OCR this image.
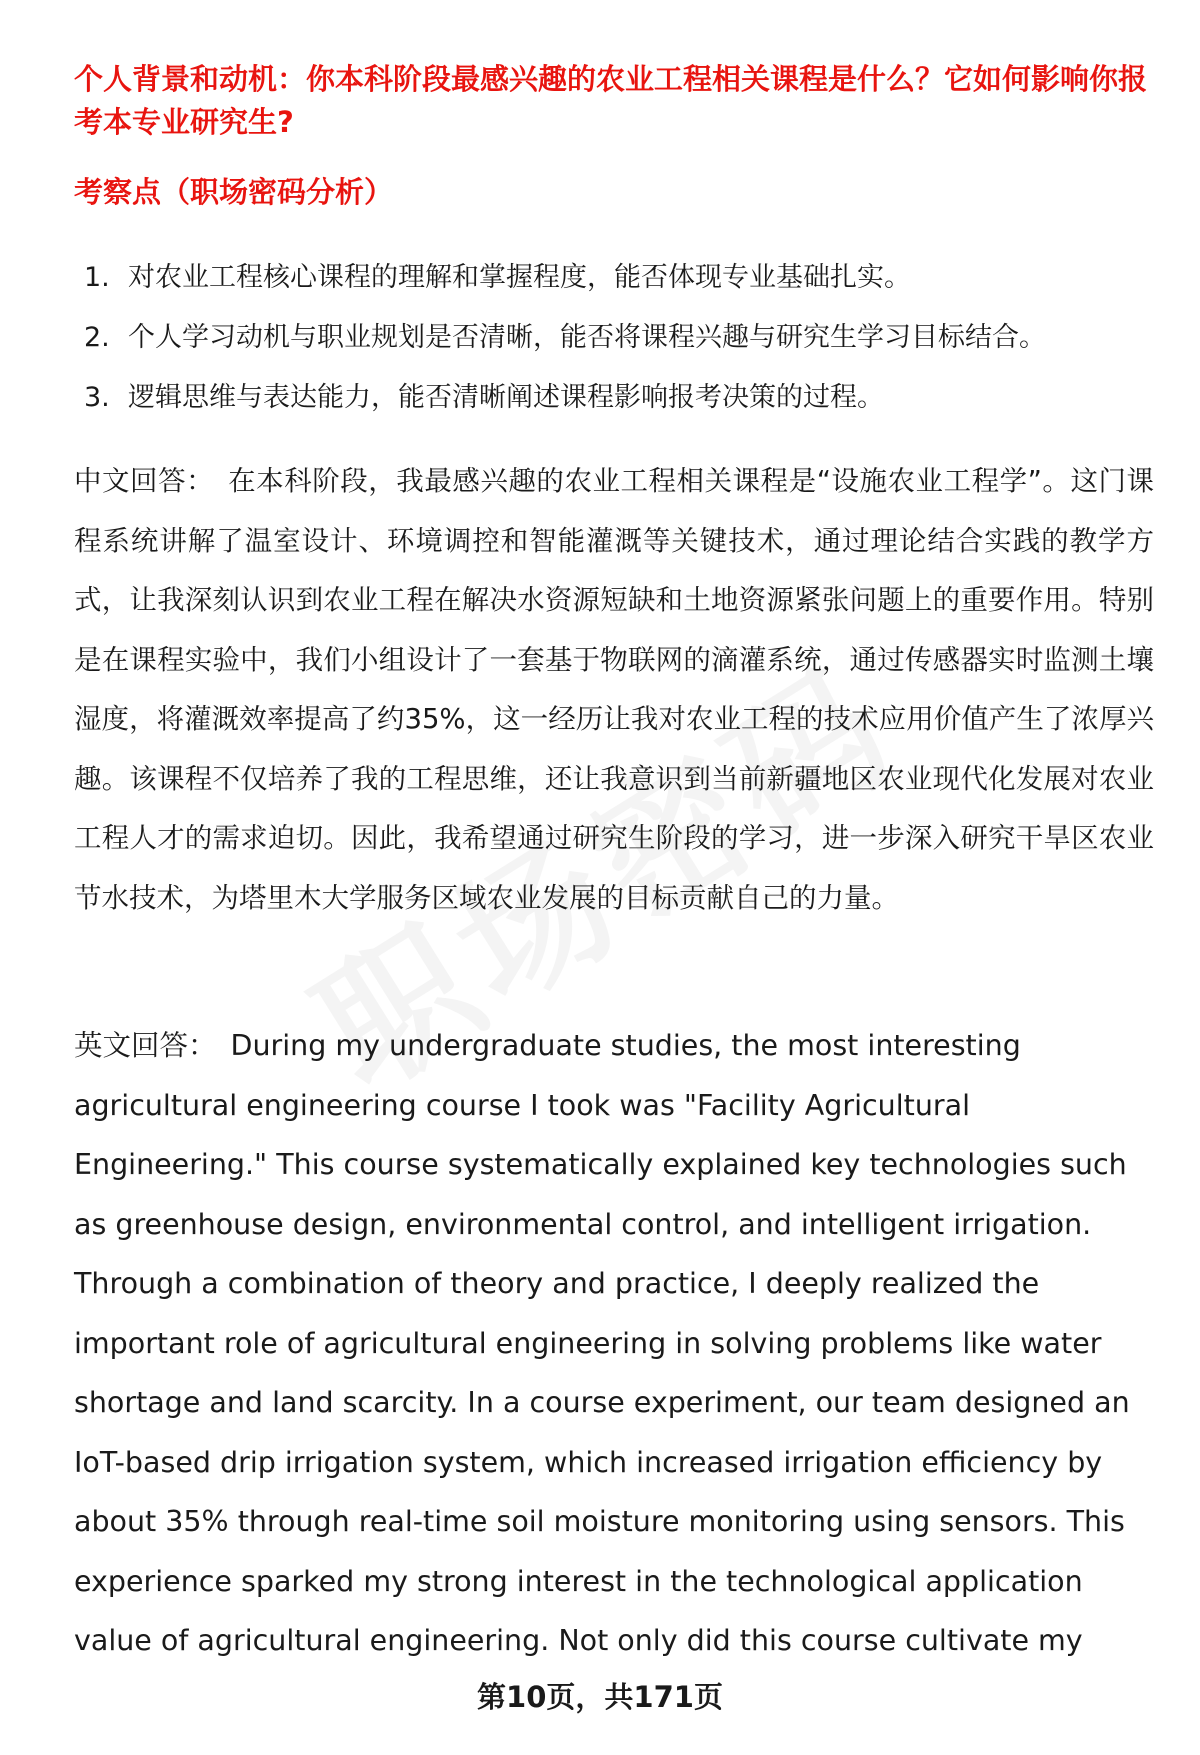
个人背景和动机：你本科阶段最感兴趣的农业工程相关课程是什么？它如何影响你报考本专业研究生?
考察点（职场密码分析）
1. 对农业工程核心课程的理解和掌握程度，能否体现专业基础扎实。
2. 个人学习动机与职业规划是否清晰，能否将课程兴趣与研究生学习目标结合。
3. 逻辑思维与表达能力，能否清晰阐述课程影响报考决策的过程。

中文回答： 在本科阶段，我最感兴趣的农业工程相关课程是“设施农业工程学”。这门课程系统讲解了温室设计、环境调控和智能灌溉等关键技术，通过理论结合实践的教学方式，让我深刻认识到农业工程在解决水资源短缺和土地资源紧张问题上的重要作用。特别是在课程实验中，我们小组设计了一套基于物联网的滴灌系统，通过传感器实时监测土壤湿度，将灌溉效率提高了约35%，这一经历让我对农业工程的技术应用价值产生了浓厚兴趣。该课程不仅培养了我的工程思维，还让我意识到当前新疆地区农业现代化发展对农业工程人才的需求迫切。因此，我希望通过研究生阶段的学习，进一步深入研究干旱区农业节水技术，为塔里木大学服务区域农业发展的目标贡献自己的力量。

英文回答： During my undergraduate studies, the most interesting agricultural engineering course I took was "Facility Agricultural Engineering." This course systematically explained key technologies such as greenhouse design, environmental control, and intelligent irrigation. Through a combination of theory and practice, I deeply realized the important role of agricultural engineering in solving problems like water shortage and land scarcity. In a course experiment, our team designed an IoT-based drip irrigation system, which increased irrigation efficiency by about 35% through real-time soil moisture monitoring using sensors. This experience sparked my strong interest in the technological application value of agricultural engineering. Not only did this course cultivate my

第10页，共171页
